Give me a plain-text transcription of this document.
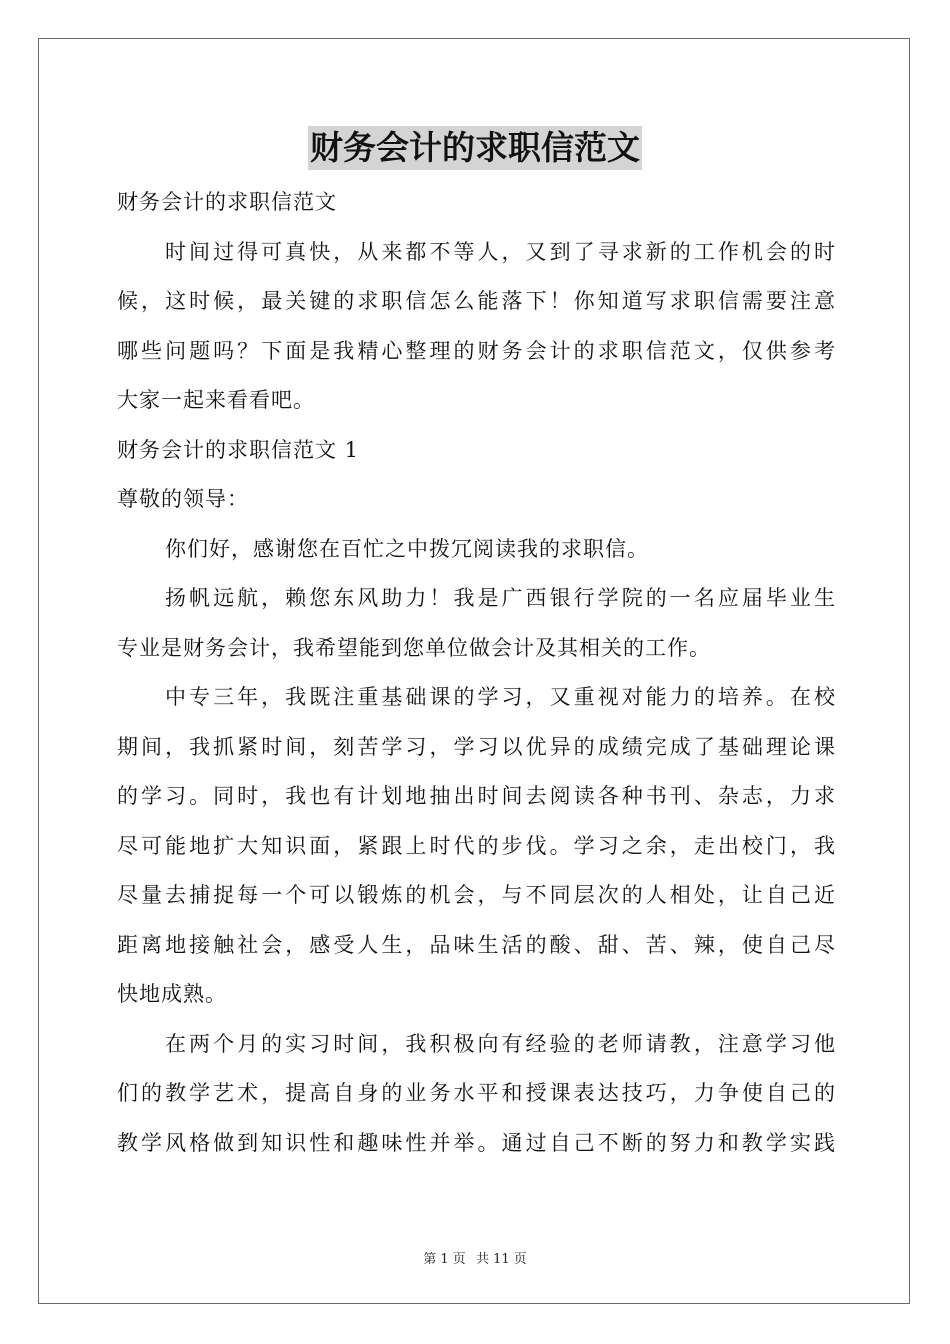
财务会计的求职信范文
财务会计的求职信范文
时间过得可真快，从来都不等人，又到了寻求新的工作机会的时
候，这时候，最关键的求职信怎么能落下！你知道写求职信需要注意
哪些问题吗？下面是我精心整理的财务会计的求职信范文，仅供参考
大家一起来看看吧。
财务会计的求职信范文 1
尊敬的领导：
你们好，感谢您在百忙之中拨冗阅读我的求职信。
扬帆远航，赖您东风助力！我是广西银行学院的一名应届毕业生
专业是财务会计，我希望能到您单位做会计及其相关的工作。
中专三年，我既注重基础课的学习，又重视对能力的培养。在校
期间，我抓紧时间，刻苦学习，学习以优异的成绩完成了基础理论课
的学习。同时，我也有计划地抽出时间去阅读各种书刊、杂志，力求
尽可能地扩大知识面，紧跟上时代的步伐。学习之余，走出校门，我
尽量去捕捉每一个可以锻炼的机会，与不同层次的人相处，让自己近
距离地接触社会，感受人生，品味生活的酸、甜、苦、辣，使自己尽
快地成熟。
在两个月的实习时间，我积极向有经验的老师请教，注意学习他
们的教学艺术，提高自身的业务水平和授课表达技巧，力争使自己的
教学风格做到知识性和趣味性并举。通过自己不断的努力和教学实践
第 1 页 共 11 页
